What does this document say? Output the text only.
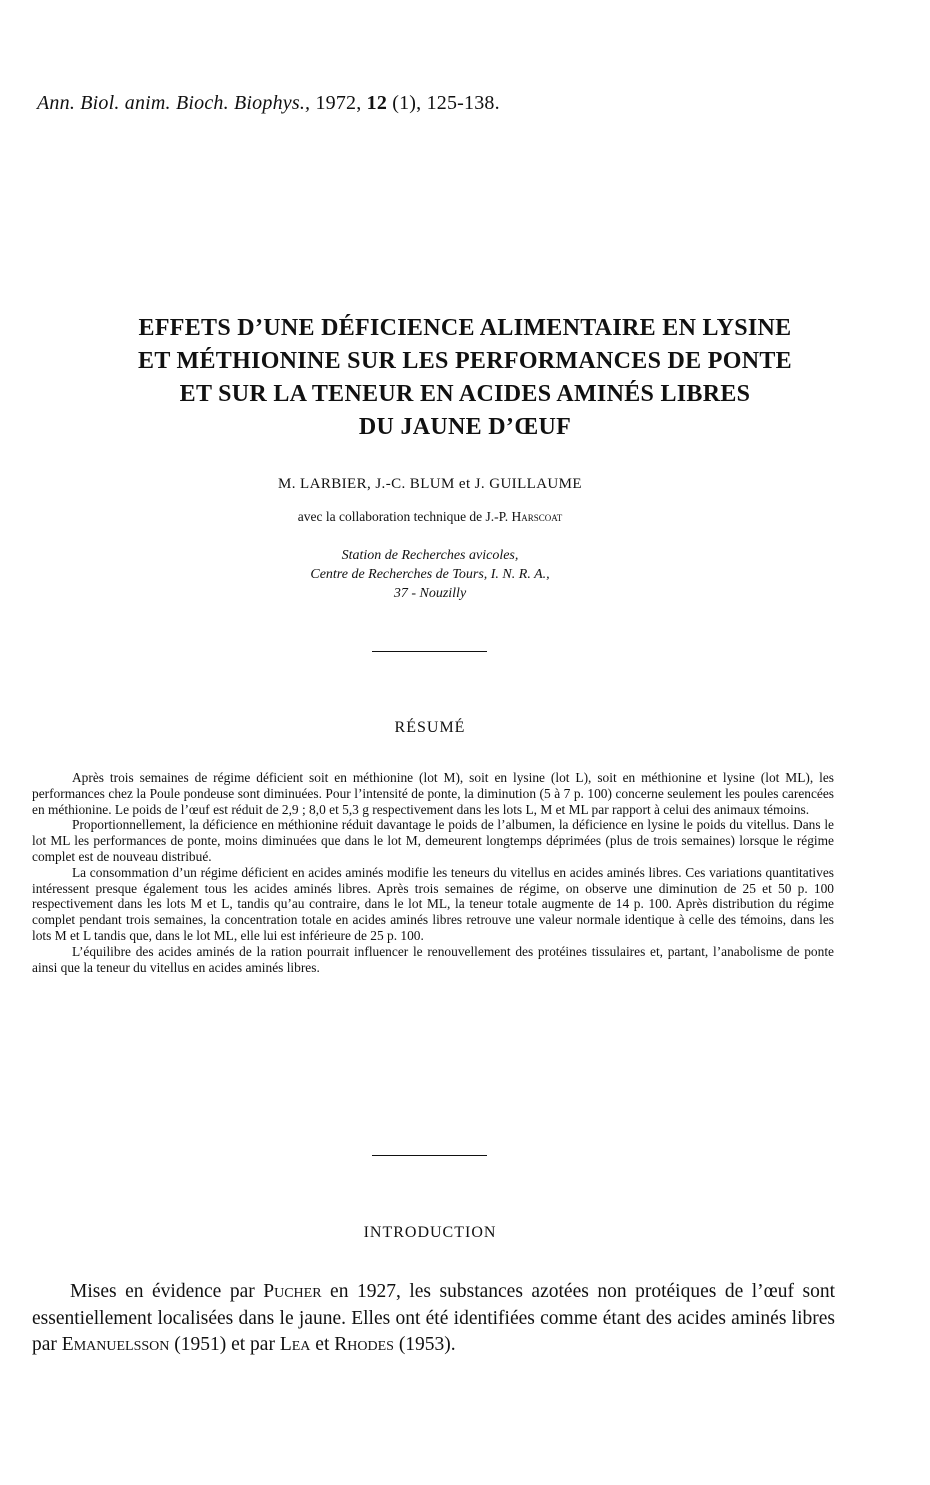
Ann. Biol. anim. Bioch. Biophys., 1972, 12 (1), 125-138.
EFFETS D’UNE DÉFICIENCE ALIMENTAIRE EN LYSINE
ET MÉTHIONINE SUR LES PERFORMANCES DE PONTE
ET SUR LA TENEUR EN ACIDES AMINÉS LIBRES
DU JAUNE D’ŒUF
M. LARBIER, J.-C. BLUM et J. GUILLAUME
avec la collaboration technique de J.-P. Harscoat
Station de Recherches avicoles,
Centre de Recherches de Tours, I. N. R. A.,
37 - Nouzilly
RÉSUMÉ

Après trois semaines de régime déficient soit en méthionine (lot M), soit en lysine (lot L), soit en méthionine et lysine (lot ML), les performances chez la Poule pondeuse sont diminuées. Pour l’intensité de ponte, la diminution (5 à 7 p. 100) concerne seulement les poules carencées en méthionine. Le poids de l’œuf est réduit de 2,9 ; 8,0 et 5,3 g respectivement dans les lots L, M et ML par rapport à celui des animaux témoins.

Proportionnellement, la déficience en méthionine réduit davantage le poids de l’albumen, la déficience en lysine le poids du vitellus. Dans le lot ML les performances de ponte, moins diminuées que dans le lot M, demeurent longtemps déprimées (plus de trois semaines) lorsque le régime complet est de nouveau distribué.

La consommation d’un régime déficient en acides aminés modifie les teneurs du vitellus en acides aminés libres. Ces variations quantitatives intéressent presque également tous les acides aminés libres. Après trois semaines de régime, on observe une diminution de 25 et 50 p. 100 respectivement dans les lots M et L, tandis qu’au contraire, dans le lot ML, la teneur totale augmente de 14 p. 100. Après distribution du régime complet pendant trois semaines, la concentration totale en acides aminés libres retrouve une valeur normale identique à celle des témoins, dans les lots M et L tandis que, dans le lot ML, elle lui est inférieure de 25 p. 100.

L’équilibre des acides aminés de la ration pourrait influencer le renouvellement des protéines tissulaires et, partant, l’anabolisme de ponte ainsi que la teneur du vitellus en acides aminés libres.

INTRODUCTION

Mises en évidence par Pucher en 1927, les substances azotées non protéiques de l’œuf sont essentiellement localisées dans le jaune. Elles ont été identifiées comme étant des acides aminés libres par Emanuelsson (1951) et par Lea et Rhodes (1953).
